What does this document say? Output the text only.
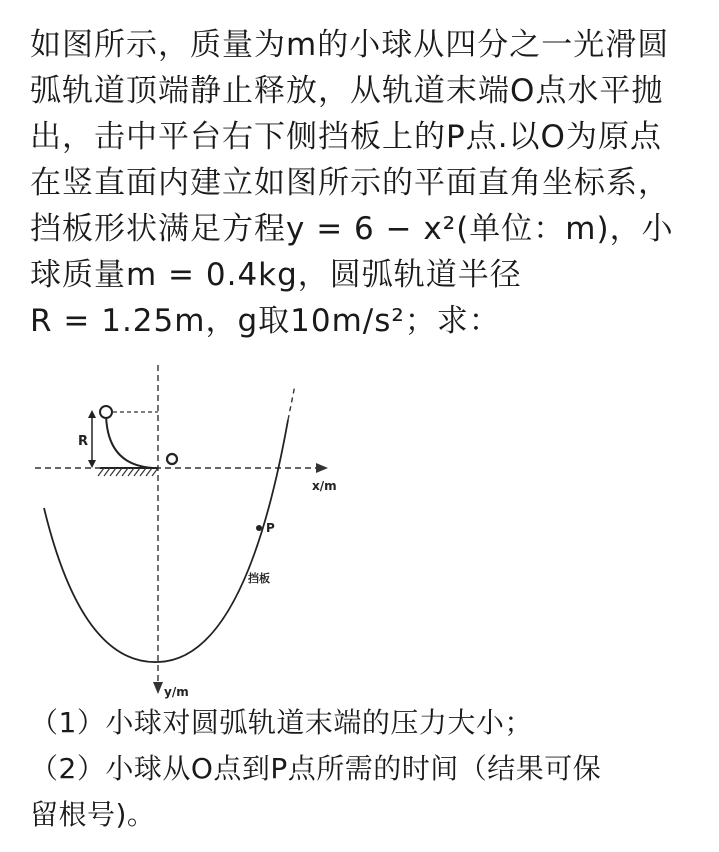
如图所示，质量为m的小球从四分之一光滑圆
弧轨道顶端静止释放，从轨道末端O点水平抛
出，击中平台右下侧挡板上的P点.以O为原点
在竖直面内建立如图所示的平面直角坐标系，
挡板形状满足方程y = 6 − x²(单位：m)，小
球质量m = 0.4kg，圆弧轨道半径
R = 1.25m，g取10m/s²；求：
R
P
挡板
x/m
y/m
（1）小球对圆弧轨道末端的压力大小；
（2）小球从O点到P点所需的时间（结果可保
留根号)。
